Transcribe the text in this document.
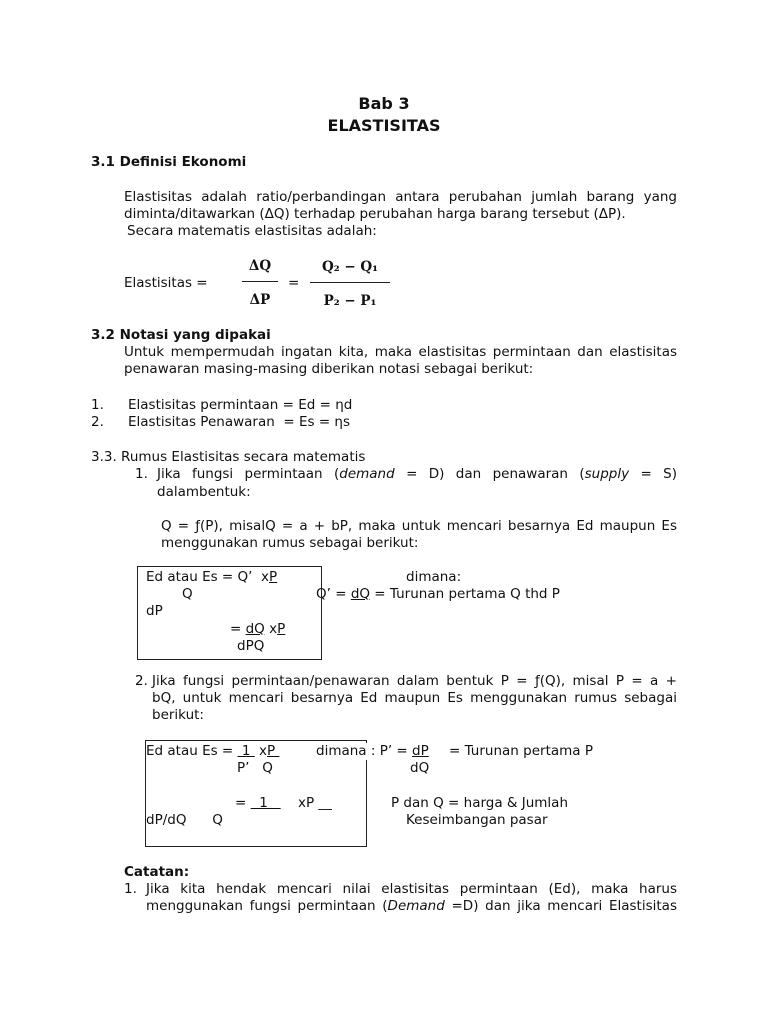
Bab 3
ELASTISITAS
3.1 Definisi Ekonomi
Elastisitas adalah ratio/perbandingan antara perubahan jumlah barang yang
diminta/ditawarkan (ΔQ) terhadap perubahan harga barang tersebut (ΔP).
Secara matematis elastisitas adalah:
Elastisitas =
ΔQ
ΔP
=
Q₂ − Q₁
P₂ − P₁
3.2 Notasi yang dipakai
Untuk mempermudah ingatan kita, maka elastisitas permintaan dan elastisitas
penawaran masing-masing diberikan notasi sebagai berikut:
1. Elastisitas permintaan = Ed = ηd
2. Elastisitas Penawaran  = Es = ηs
3.3. Rumus Elastisitas secara matematis
1. Jika fungsi permintaan (demand = D) dan penawaran (supply = S)
dalambentuk:
Q = ƒ(P), misalQ = a + bP, maka untuk mencari besarnya Ed maupun Es
menggunakan rumus sebagai berikut:
Ed atau Es = Q’  xP
Q
dP
= dQ xP
dPQ
dimana:
Q’ = dQ = Turunan pertama Q thd P
2. Jika fungsi permintaan/penawaran dalam bentuk P = ƒ(Q), misal P = a +
bQ, untuk mencari besarnya Ed maupun Es menggunakan rumus sebagai
berikut:
Ed atau Es =  1  xP	dimana : P’ = dP = Turunan pertama P
P’   Q	dQ
=   1 xP __	P dan Q = harga & Jumlah
dP/dQ      Q	Keseimbangan pasar
Catatan:
1. Jika kita hendak mencari nilai elastisitas permintaan (Ed), maka harus
menggunakan fungsi permintaan (Demand =D) dan jika mencari Elastisitas
